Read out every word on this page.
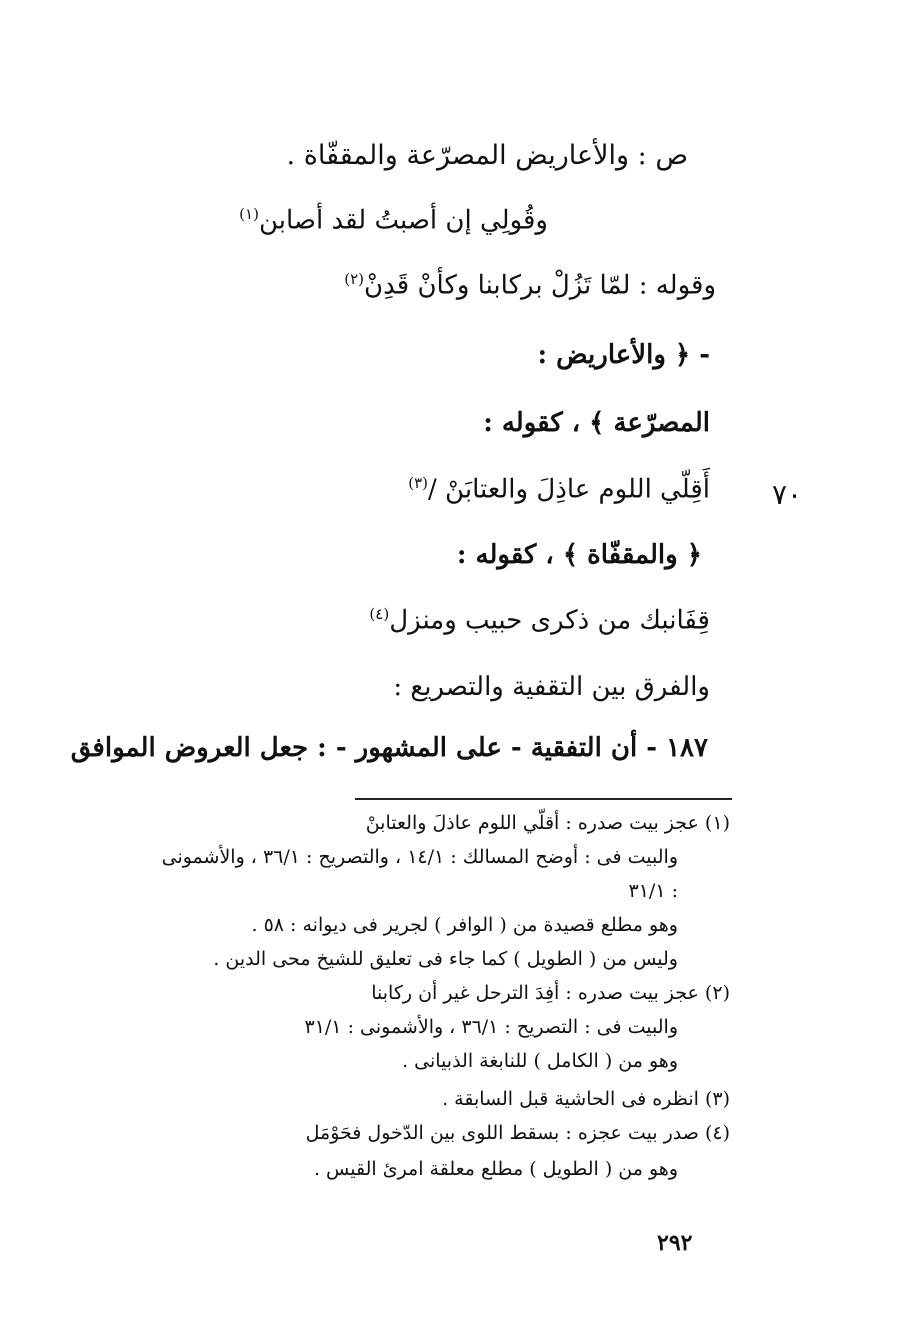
ص : والأعاريض المصرّعة والمقفّاة .
وقُولِي إن أصبتُ لقد أصابن$^{(١)}$
وقوله : لمّا تَزُلْ بركابنا وكأنْ قَدِنْ$^{(٢)}$
- ﴿ والأعاريض :
المصرّعة ﴾ ، كقوله :
أَقِلّي اللوم عاذِلَ والعتابَنْ /$^{(٣)}$	٧٠
﴿ والمقفّاة ﴾ ، كقوله :
قِفَانبك من ذكرى حبيب ومنزل$^{(٤)}$
والفرق بين التقفية والتصريع :
١٨٧ - أن التفقية - على المشهور - : جعل العروض الموافق
(١) عجز بيت صدره : أقلّي اللوم عاذلَ والعتابنْ
والبيت فى : أوضح المسالك : ١٤/١ ، والتصريح : ٣٦/١ ، والأشمونى
: ٣١/١
وهو مطلع قصيدة من ( الوافر ) لجرير فى ديوانه : ٥٨ .
وليس من ( الطويل ) كما جاء فى تعليق للشيخ محى الدين .
(٢) عجز بيت صدره : أفِدَ الترحل غير أن ركابنا
والبيت فى : التصريح : ٣٦/١ ، والأشمونى : ٣١/١
وهو من ( الكامل ) للنابغة الذبيانى .
(٣) انظره فى الحاشية قبل السابقة .
(٤) صدر بيت عجزه : بسقط اللوى بين الدّخول فحَوْمَل
وهو من ( الطويل ) مطلع معلقة امرئ القيس .
٢٩٢
